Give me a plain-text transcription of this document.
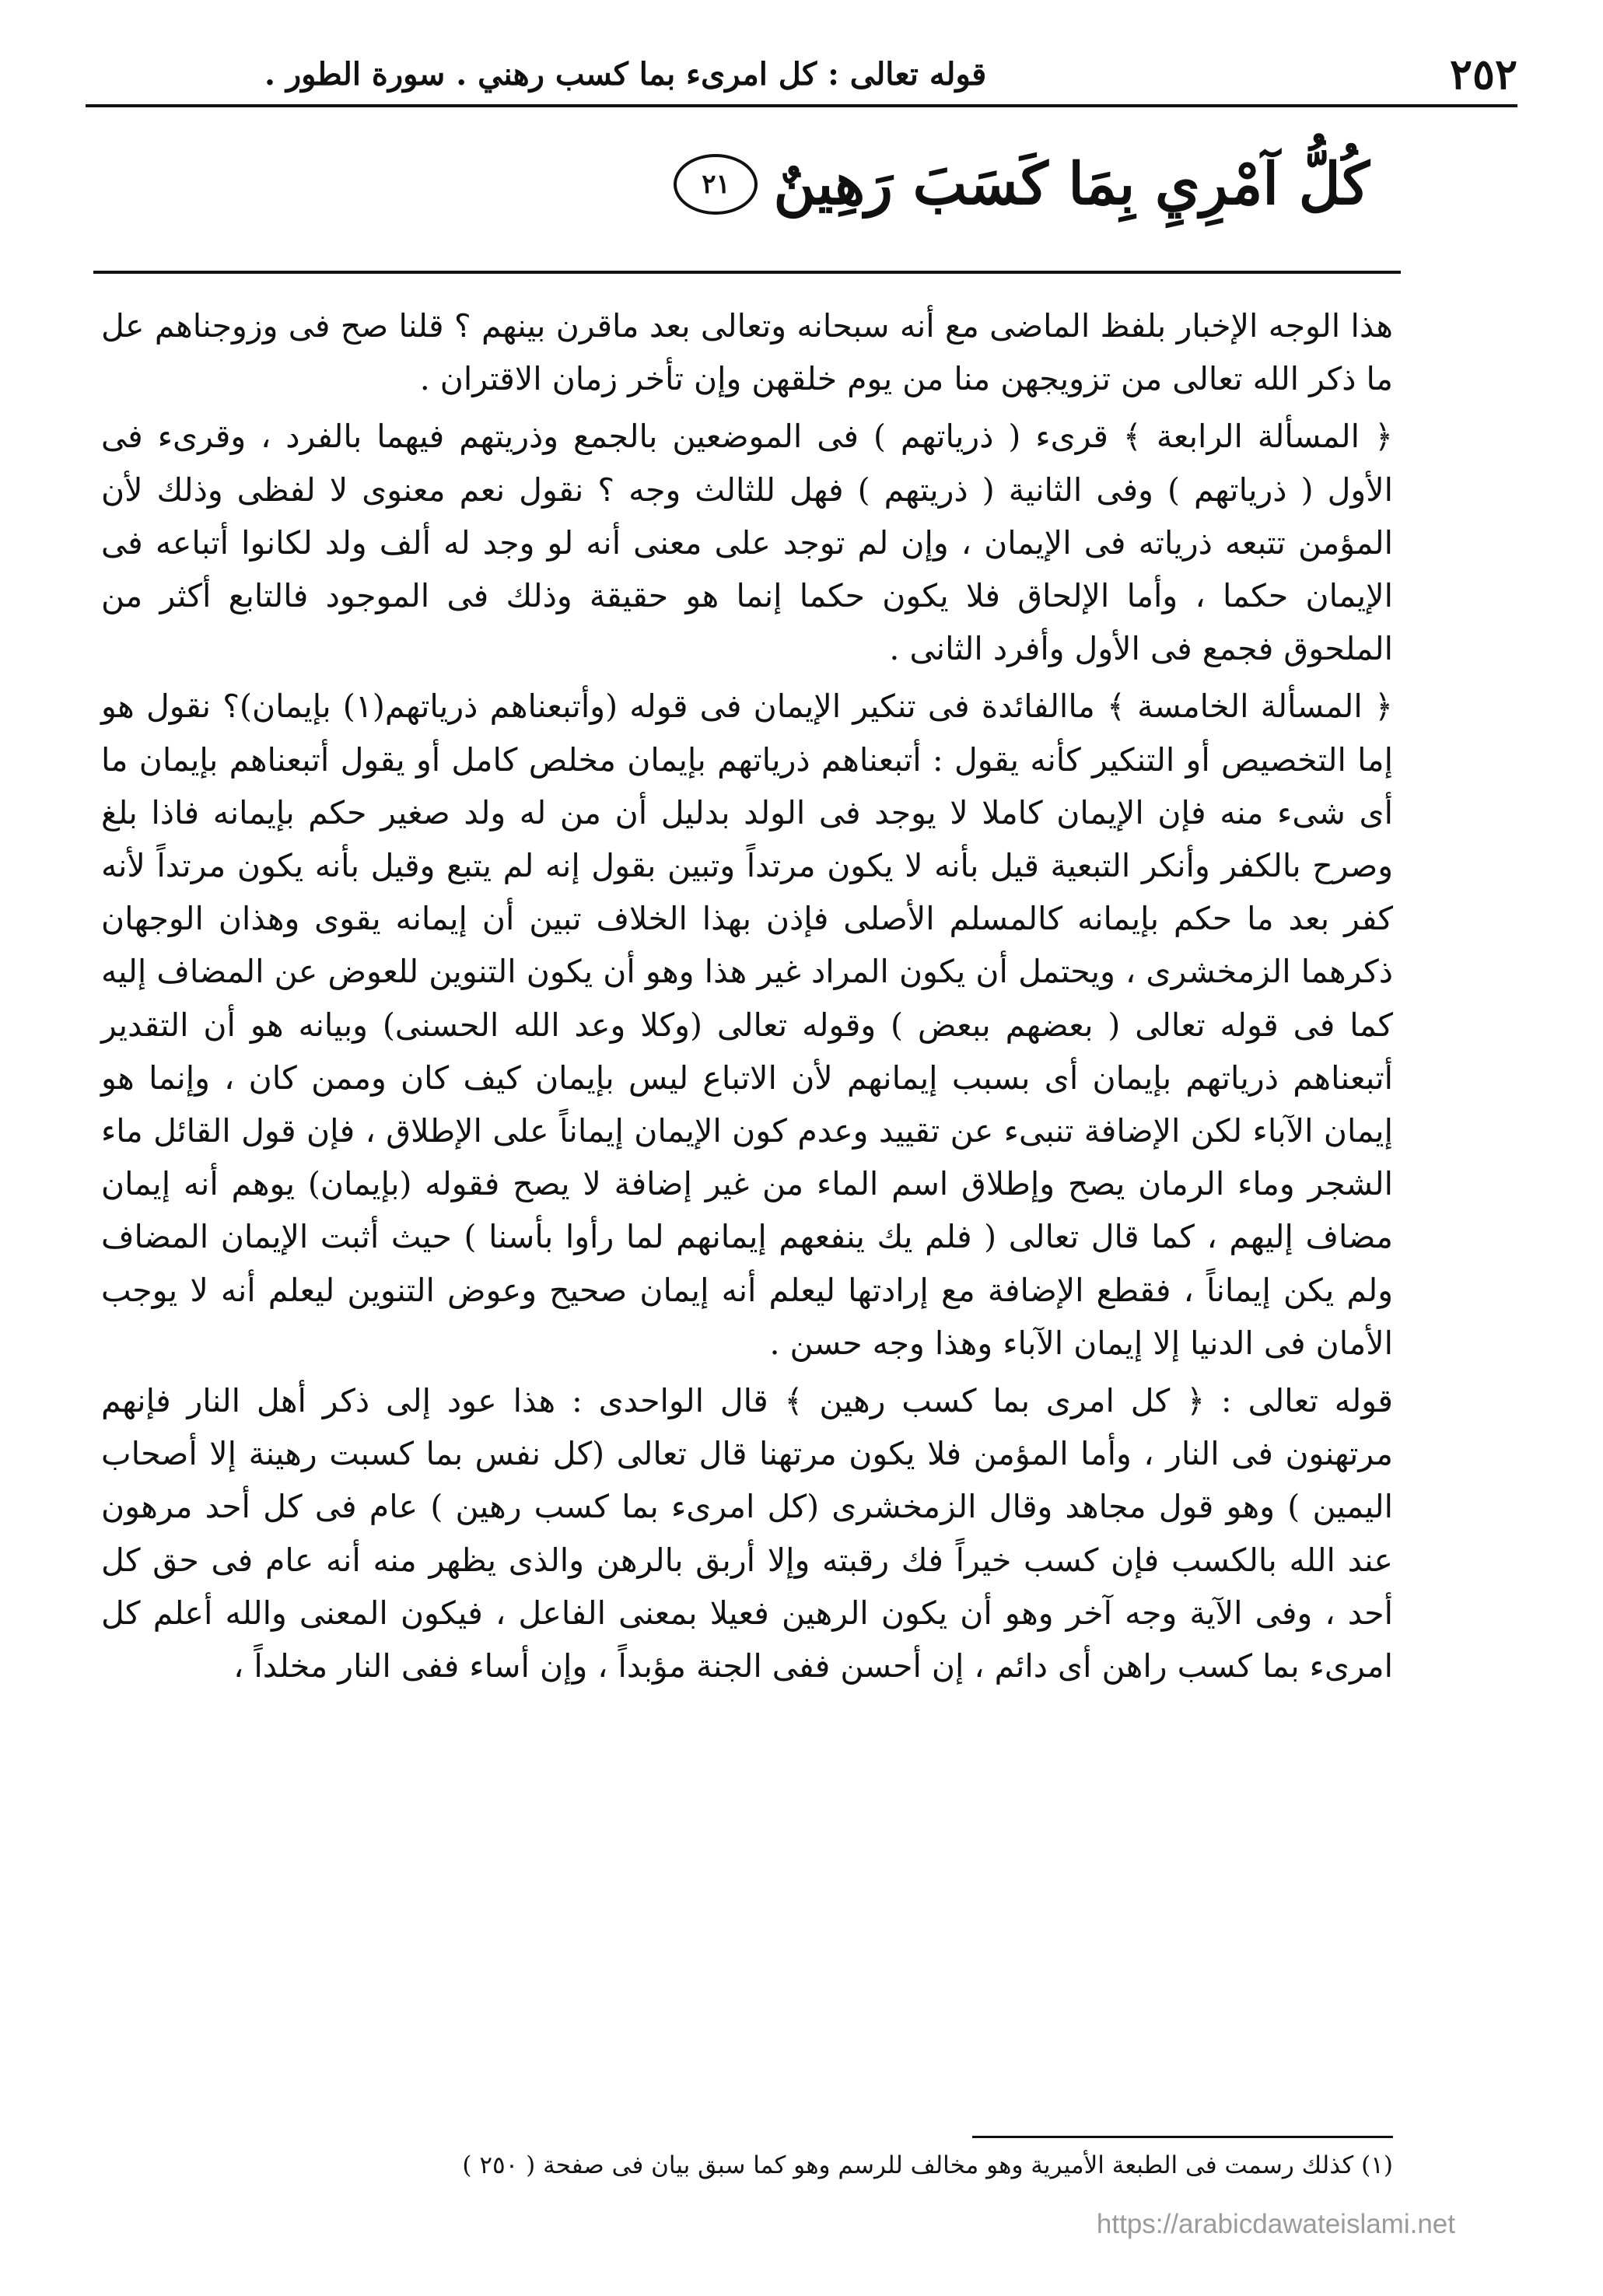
٢٥٢
قوله تعالى : كل امرىء بما كسب رهني . سورة الطور .
كُلُّ آمْرِيِ بِمَا كَسَبَ رَهِينٌ
٢١

هذا الوجه الإخبار بلفظ الماضى مع أنه سبحانه وتعالى بعد ماقرن بينهم ؟ قلنا صح فى وزوجناهم عل ما ذكر الله تعالى من تزويجهن منا من يوم خلقهن وإن تأخر زمان الاقتران .

﴿ المسألة الرابعة ﴾ قرىء ( ذرياتهم ) فى الموضعين بالجمع وذريتهم فيهما بالفرد ، وقرىء فى الأول ( ذرياتهم ) وفى الثانية ( ذريتهم ) فهل للثالث وجه ؟ نقول نعم معنوى لا لفظى وذلك لأن المؤمن تتبعه ذرياته فى الإيمان ، وإن لم توجد على معنى أنه لو وجد له ألف ولد لكانوا أتباعه فى الإيمان حكما ، وأما الإلحاق فلا يكون حكما إنما هو حقيقة وذلك فى الموجود فالتابع أكثر من الملحوق فجمع فى الأول وأفرد الثانى .

﴿ المسألة الخامسة ﴾ ماالفائدة فى تنكير الإيمان فى قوله (وأتبعناهم ذرياتهم(١) بإيمان)؟ نقول هو إما التخصيص أو التنكير كأنه يقول : أتبعناهم ذرياتهم بإيمان مخلص كامل أو يقول أتبعناهم بإيمان ما أى شىء منه فإن الإيمان كاملا لا يوجد فى الولد بدليل أن من له ولد صغير حكم بإيمانه فاذا بلغ وصرح بالكفر وأنكر التبعية قيل بأنه لا يكون مرتداً وتبين بقول إنه لم يتبع وقيل بأنه يكون مرتداً لأنه كفر بعد ما حكم بإيمانه كالمسلم الأصلى فإذن بهذا الخلاف تبين أن إيمانه يقوى وهذان الوجهان ذكرهما الزمخشرى ، ويحتمل أن يكون المراد غير هذا وهو أن يكون التنوين للعوض عن المضاف إليه كما فى قوله تعالى ( بعضهم ببعض ) وقوله تعالى (وكلا وعد الله الحسنى) وبيانه هو أن التقدير أتبعناهم ذرياتهم بإيمان أى بسبب إيمانهم لأن الاتباع ليس بإيمان كيف كان وممن كان ، وإنما هو إيمان الآباء لكن الإضافة تنبىء عن تقييد وعدم كون الإيمان إيماناً على الإطلاق ، فإن قول القائل ماء الشجر وماء الرمان يصح وإطلاق اسم الماء من غير إضافة لا يصح فقوله (بإيمان) يوهم أنه إيمان مضاف إليهم ، كما قال تعالى ( فلم يك ينفعهم إيمانهم لما رأوا بأسنا ) حيث أثبت الإيمان المضاف ولم يكن إيماناً ، فقطع الإضافة مع إرادتها ليعلم أنه إيمان صحيح وعوض التنوين ليعلم أنه لا يوجب الأمان فى الدنيا إلا إيمان الآباء وهذا وجه حسن .

قوله تعالى : ﴿ كل امرى بما كسب رهين ﴾ قال الواحدى : هذا عود إلى ذكر أهل النار فإنهم مرتهنون فى النار ، وأما المؤمن فلا يكون مرتهنا قال تعالى (كل نفس بما كسبت رهينة إلا أصحاب اليمين ) وهو قول مجاهد وقال الزمخشرى (كل امرىء بما كسب رهين ) عام فى كل أحد مرهون عند الله بالكسب فإن كسب خيراً فك رقبته وإلا أربق بالرهن والذى يظهر منه أنه عام فى حق كل أحد ، وفى الآية وجه آخر وهو أن يكون الرهين فعيلا بمعنى الفاعل ، فيكون المعنى والله أعلم كل امرىء بما كسب راهن أى دائم ، إن أحسن ففى الجنة مؤبداً ، وإن أساء ففى النار مخلداً ،

(١) كذلك رسمت فى الطبعة الأميرية وهو مخالف للرسم وهو كما سبق بيان فى صفحة ( ٢٥٠ )
https://arabicdawateislami.net
